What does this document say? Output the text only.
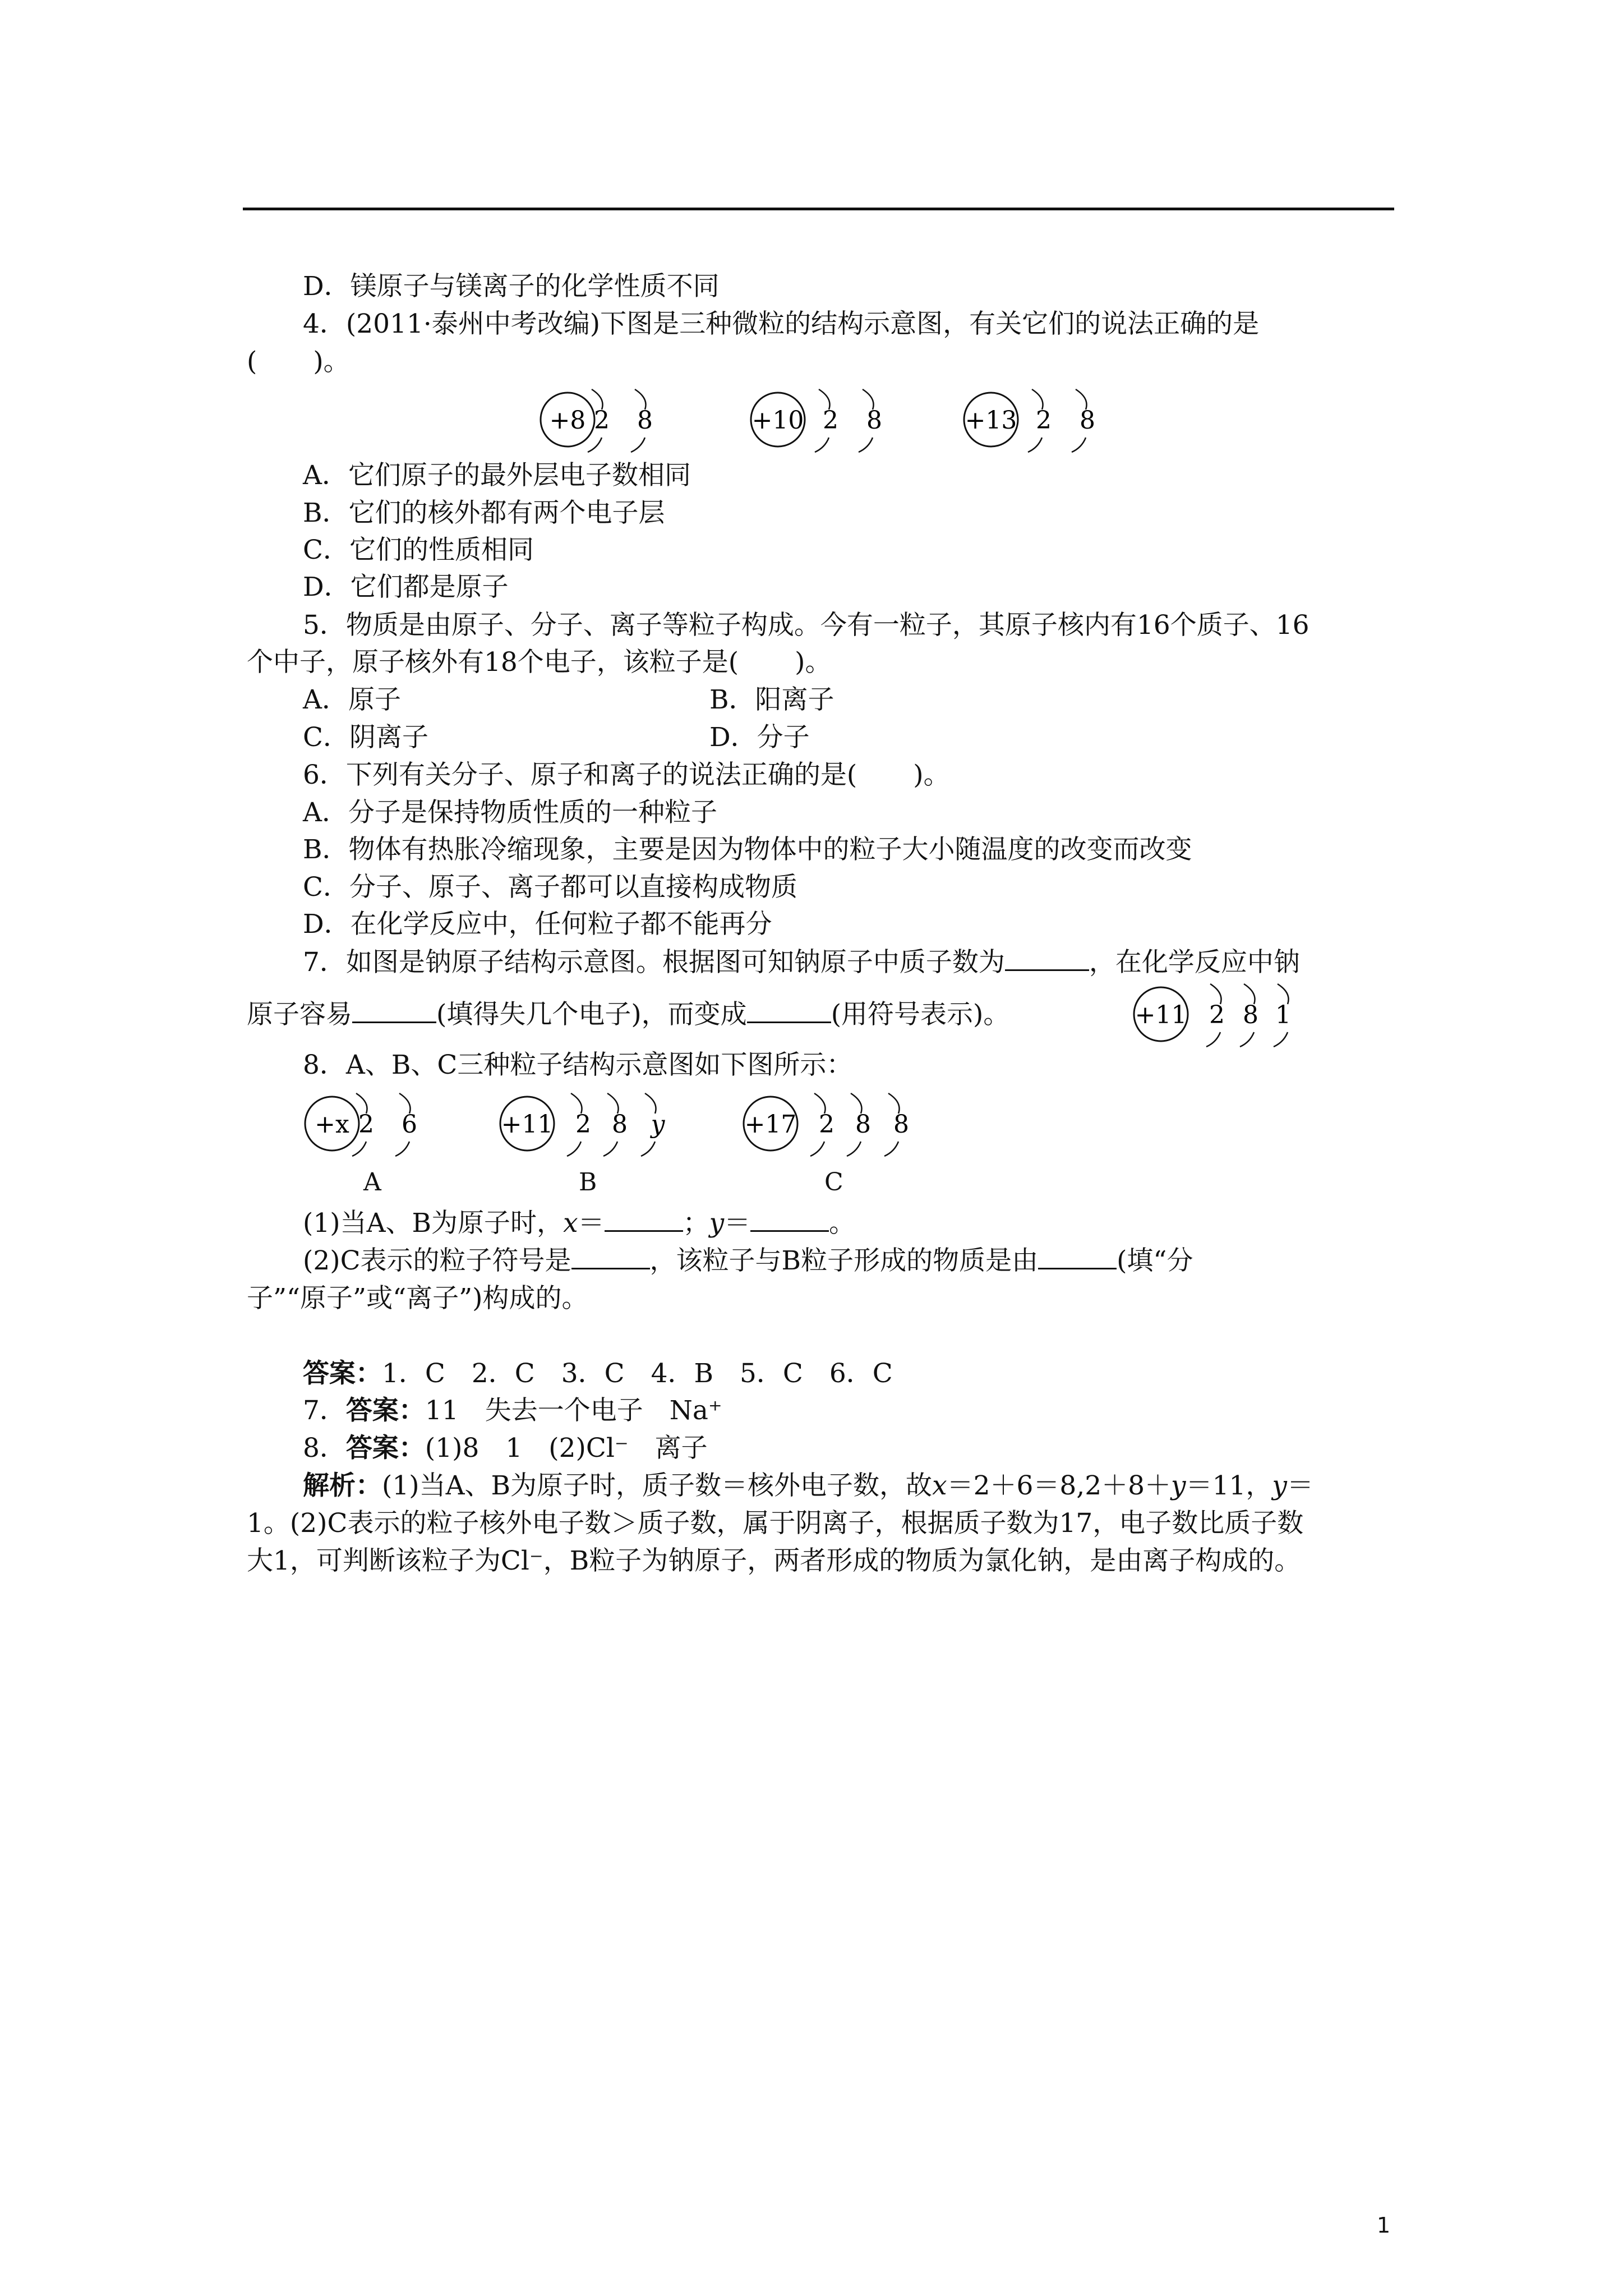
D．镁原子与镁离子的化学性质不同
4．(2011·泰州中考改编)下图是三种微粒的结构示意图，有关它们的说法正确的是
( )。
+8 2 8	+10 2 8	+13 2 8
A．它们原子的最外层电子数相同
B．它们的核外都有两个电子层
C．它们的性质相同
D．它们都是原子
5．物质是由原子、分子、离子等粒子构成。今有一粒子，其原子核内有16个质子、16
个中子，原子核外有18个电子，该粒子是( )。
A．原子	B．阳离子
C．阴离子	D．分子
6．下列有关分子、原子和离子的说法正确的是( )。
A．分子是保持物质性质的一种粒子
B．物体有热胀冷缩现象，主要是因为物体中的粒子大小随温度的改变而改变
C．分子、原子、离子都可以直接构成物质
D．在化学反应中，任何粒子都不能再分
7．如图是钠原子结构示意图。根据图可知钠原子中质子数为	，在化学反应中钠
原子容易	(填得失几个电子)，而变成	(用符号表示)。	+11 2 8 1
8．A、B、C三种粒子结构示意图如下图所示：
+x 2 6	+11 2 8 y	+17 2 8 8
A	B	C
(1)当A、B为原子时，x＝	；y＝	。
(2)C表示的粒子符号是	，该粒子与B粒子形成的物质是由	(填“分
子”“原子”或“离子”)构成的。
答案：1．C　2．C　3．C　4．B　5．C　6．C
7．答案：11　失去一个电子　Na⁺
8．答案：(1)8　1　(2)Cl⁻　离子
解析：(1)当A、B为原子时，质子数＝核外电子数，故x＝2＋6＝8,2＋8＋y＝11，y＝
1。(2)C表示的粒子核外电子数＞质子数，属于阴离子，根据质子数为17，电子数比质子数
大1，可判断该粒子为Cl⁻，B粒子为钠原子，两者形成的物质为氯化钠，是由离子构成的。
1
